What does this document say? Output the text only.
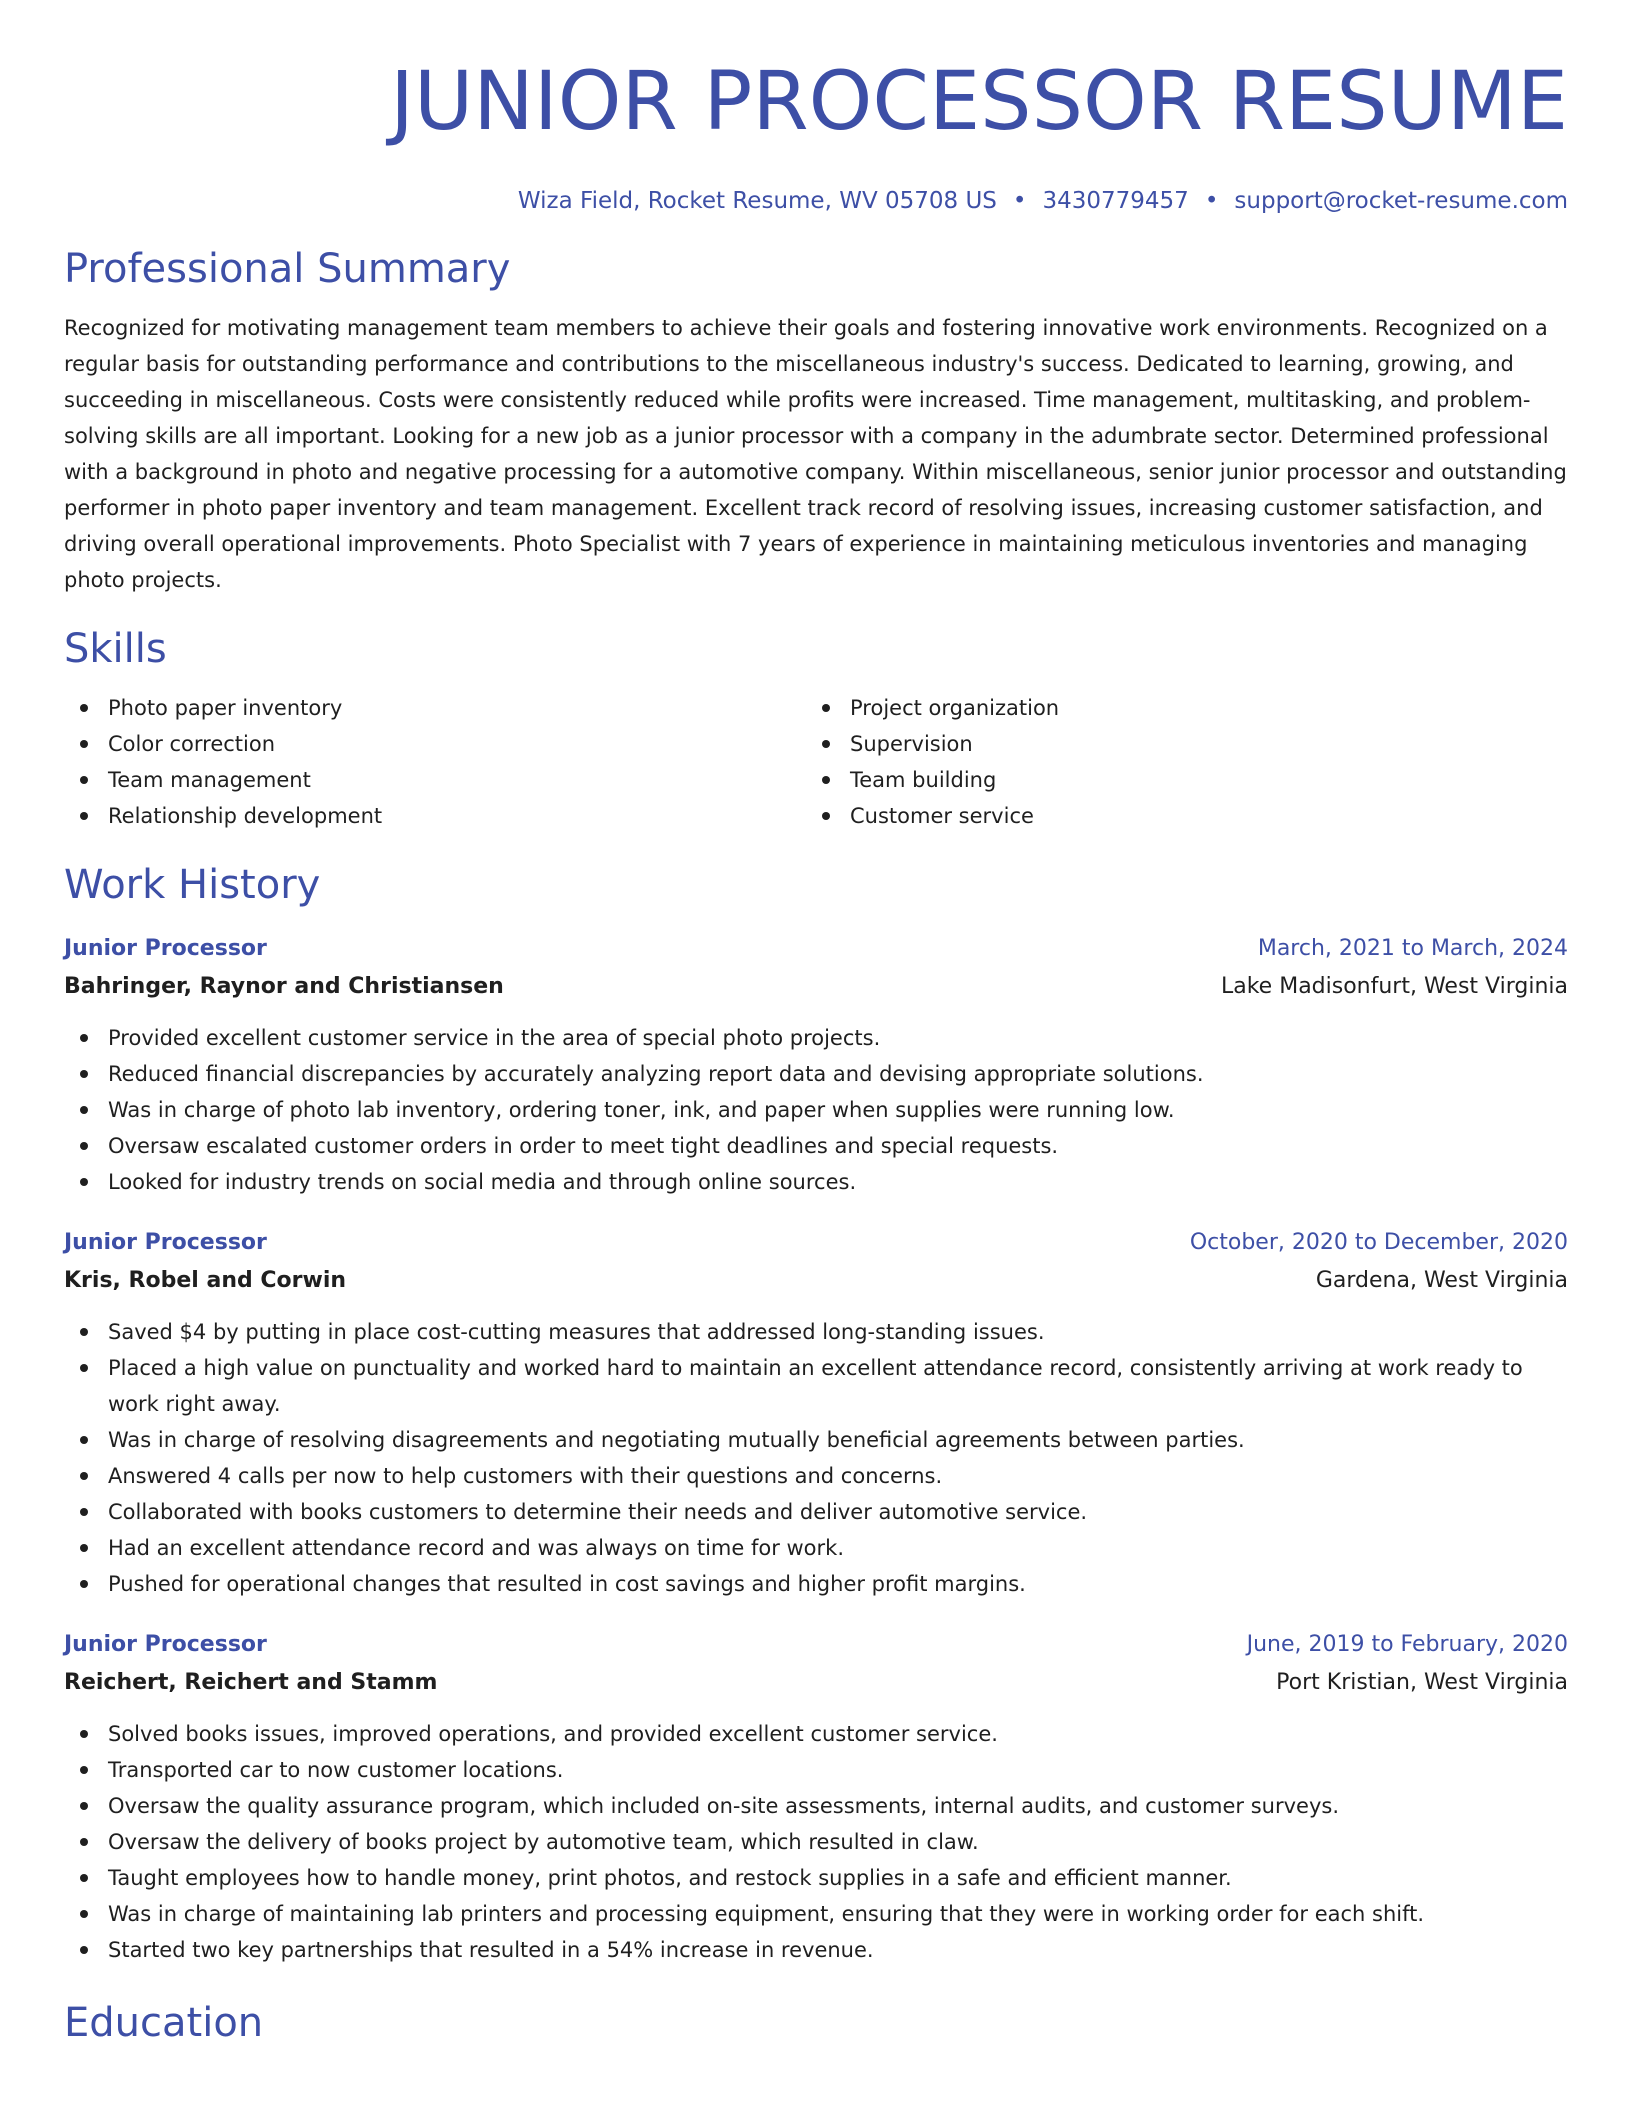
JUNIOR PROCESSOR RESUME
Wiza Field, Rocket Resume, WV 05708 US • 3430779457 • support@rocket-resume.com
Professional Summary

Recognized for motivating management team members to achieve their goals and fostering innovative work environments. Recognized on a regular basis for outstanding performance and contributions to the miscellaneous industry's success. Dedicated to learning, growing, and succeeding in miscellaneous. Costs were consistently reduced while profits were increased. Time management, multitasking, and problem-solving skills are all important. Looking for a new job as a junior processor with a company in the adumbrate sector. Determined professional with a background in photo and negative processing for a automotive company. Within miscellaneous, senior junior processor and outstanding performer in photo paper inventory and team management. Excellent track record of resolving issues, increasing customer satisfaction, and driving overall operational improvements. Photo Specialist with 7 years of experience in maintaining meticulous inventories and managing photo projects.

Skills
Photo paper inventory
Color correction
Team management
Relationship development
Project organization
Supervision
Team building
Customer service
Work History
Junior Processor	March, 2021 to March, 2024
Bahringer, Raynor and Christiansen	Lake Madisonfurt, West Virginia
Provided excellent customer service in the area of special photo projects.
Reduced financial discrepancies by accurately analyzing report data and devising appropriate solutions.
Was in charge of photo lab inventory, ordering toner, ink, and paper when supplies were running low.
Oversaw escalated customer orders in order to meet tight deadlines and special requests.
Looked for industry trends on social media and through online sources.
Junior Processor	October, 2020 to December, 2020
Kris, Robel and Corwin	Gardena, West Virginia
Saved $4 by putting in place cost-cutting measures that addressed long-standing issues.
Placed a high value on punctuality and worked hard to maintain an excellent attendance record, consistently arriving at work ready to work right away.
Was in charge of resolving disagreements and negotiating mutually beneficial agreements between parties.
Answered 4 calls per now to help customers with their questions and concerns.
Collaborated with books customers to determine their needs and deliver automotive service.
Had an excellent attendance record and was always on time for work.
Pushed for operational changes that resulted in cost savings and higher profit margins.
Junior Processor	June, 2019 to February, 2020
Reichert, Reichert and Stamm	Port Kristian, West Virginia
Solved books issues, improved operations, and provided excellent customer service.
Transported car to now customer locations.
Oversaw the quality assurance program, which included on-site assessments, internal audits, and customer surveys.
Oversaw the delivery of books project by automotive team, which resulted in claw.
Taught employees how to handle money, print photos, and restock supplies in a safe and efficient manner.
Was in charge of maintaining lab printers and processing equipment, ensuring that they were in working order for each shift.
Started two key partnerships that resulted in a 54% increase in revenue.
Education
